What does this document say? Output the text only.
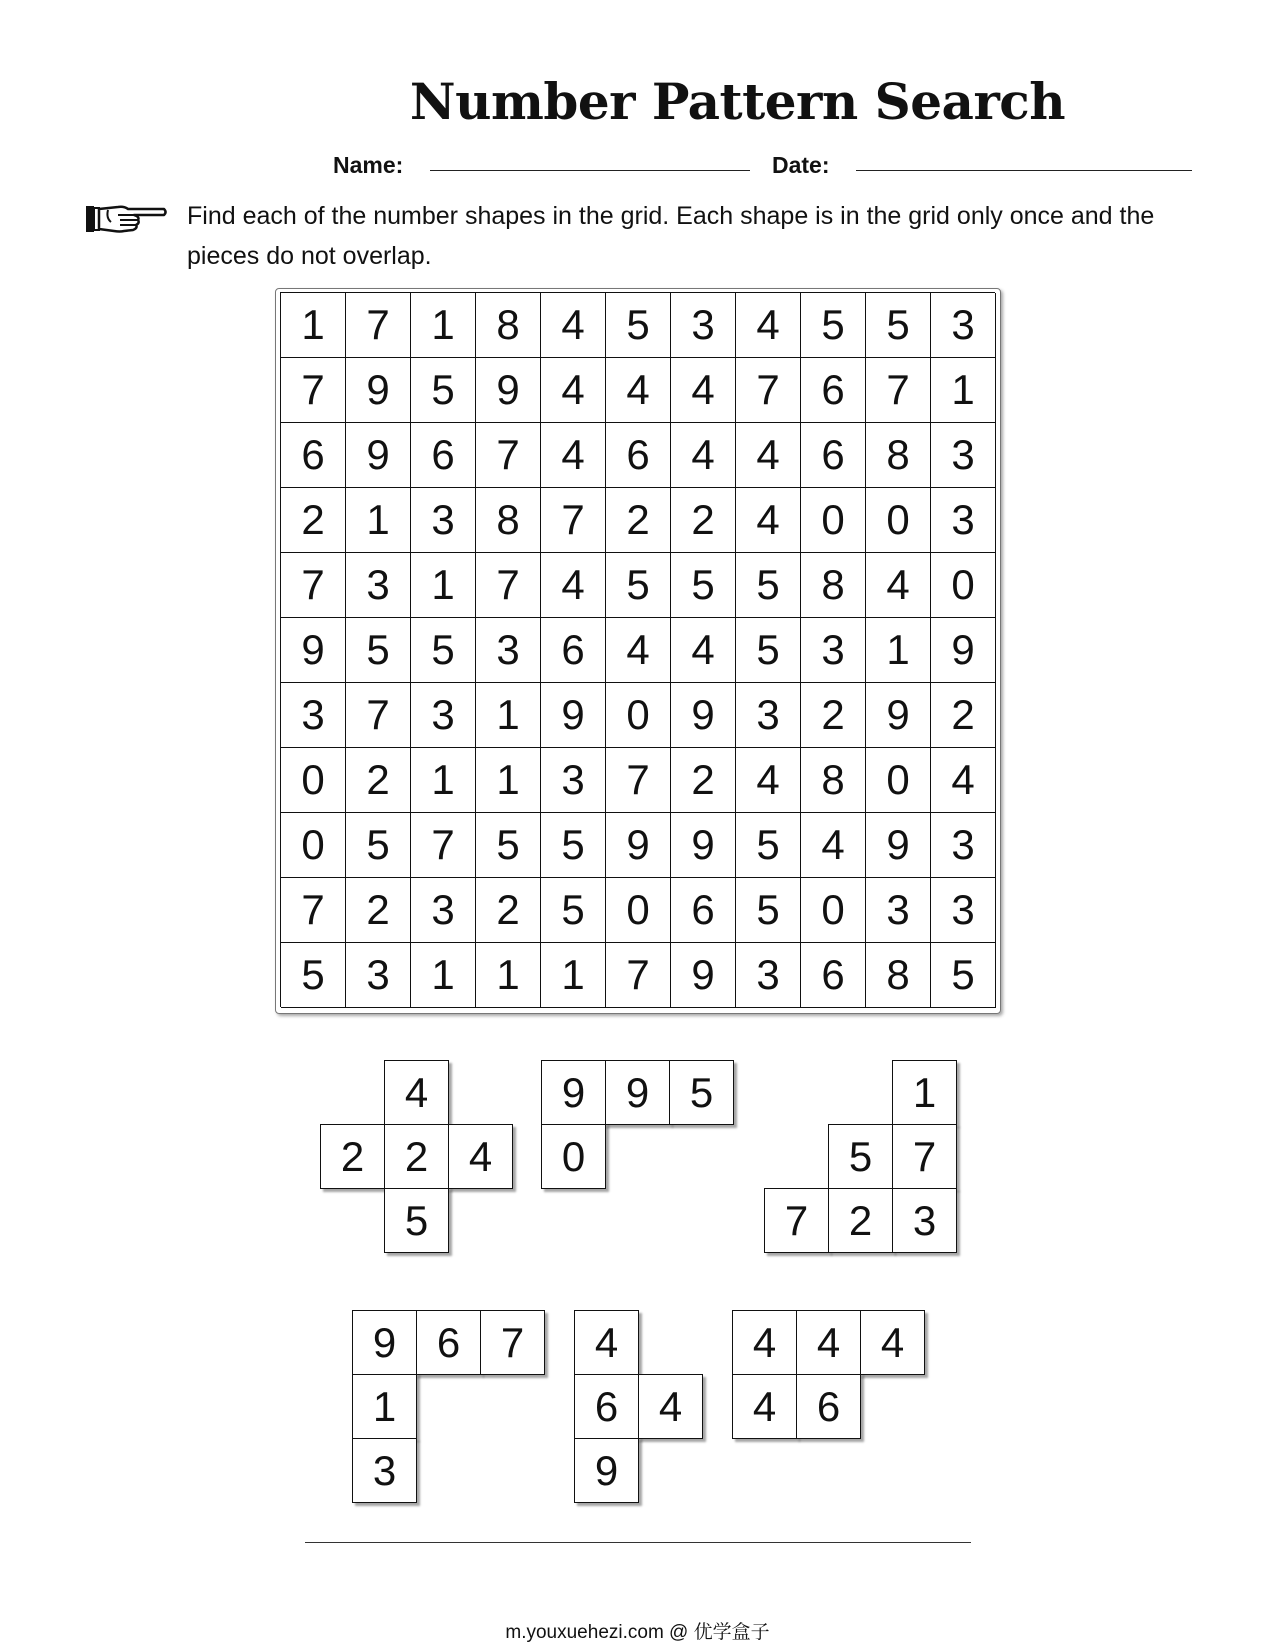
Number Pattern Search
Name:	Date:
Find each of the number shapes in the grid. Each shape is in the grid only once and the pieces do not overlap.
1 7 1 8 4 5 3 4 5 5 3
7 9 5 9 4 4 4 7 6 7 1
6 9 6 7 4 6 4 4 6 8 3
2 1 3 8 7 2 2 4 0 0 3
7 3 1 7 4 5 5 5 8 4 0
9 5 5 3 6 4 4 5 3 1 9
3 7 3 1 9 0 9 3 2 9 2
0 2 1 1 3 7 2 4 8 0 4
0 5 7 5 5 9 9 5 4 9 3
7 2 3 2 5 0 6 5 0 3 3
5 3 1 1 1 7 9 3 6 8 5
4
2 2 4
5
9 9 5
0
1
5 7
7 2 3
9 6 7
1
3
4
6 4
9
4 4 4
4 6
m.youxuehezi.com @ 优学盒子
